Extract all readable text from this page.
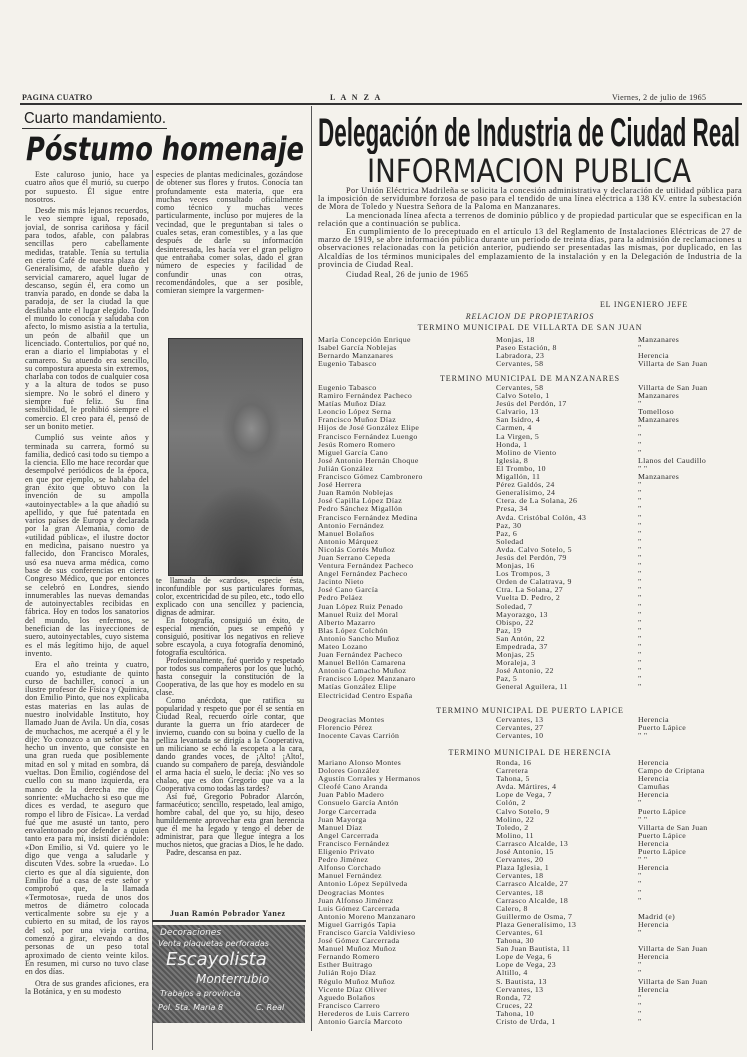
PAGINA CUATRO	L A N Z A	Viernes, 2 de julio de 1965
Cuarto mandamiento.
Póstumo homenaje

Este caluroso junio, hace ya cuatro años que él murió, su cuerpo por supuesto. Él sigue entre nosotros.

Desde mis más lejanos recuerdos, le veo siempre igual, reposado, jovial, de sonrisa cariñosa y fácil para todos, afable, con palabras sencillas pero cabellamente medidas, tratable. Tenía su tertulia en cierto Café de nuestra plaza del Generalísimo, de afable dueño y servicial camarero, aquel lugar de descanso, según él, era como un tranvía parado, en donde se daba la paradoja, de ser la ciudad la que desfilaba ante el lugar elegido. Todo el mundo lo conocía y saludaba con afecto, lo mismo asistía a la tertulia, un peón de albañil que un licenciado. Contertulios, por qué no, eran a diario el limpiabotas y el camarero. Su atuendo era sencillo, su compostura apuesta sin extremos, charlaba con todos de cualquier cosa y a la altura de todos se puso siempre. No le sobró el dinero y siempre fué feliz. Su fina sensibilidad, le prohibió siempre el comercio. El creo para él, pensó de ser un bonito metier.

Cumplió sus veinte años y terminada su carrera, formó su familia, dedicó casi todo su tiempo a la ciencia. Ello me hace recordar que desempolvé periódicos de la época, en que por ejemplo, se hablaba del gran éxito que obtuvo con la invención de su ampolla «autoinyectable» a la que añadió su apellido, y que fué patentada en varios países de Europa y declarada por la gran Alemania, como de «utilidad pública», el ilustre doctor en medicina, paisano nuestro ya fallecido, don Francisco Morales, usó esa nueva arma médica, como base de sus conferencias en cierto Congreso Médico, que por entonces se celebró en Londres, siendo innumerables las nuevas demandas de autoinyectables recibidas en fábrica. Hoy en todos los sanatorios del mundo, los enfermos, se benefician de las inyecciones de suero, autoinyectables, cuyo sistema es el más legítimo hijo, de aquel invento.

Era el año treinta y cuatro, cuando yo, estudiante de quinto curso de bachiller, conocí a un ilustre profesor de Física y Química, don Emilio Pinto, que nos explicaba estas materias en las aulas de nuestro inolvidable Instituto, hoy llamado Juan de Avila. Un día, cosas de muchachos, me acerqué a él y le dije: Yo conozco a un señor que ha hecho un invento, que consiste en una gran rueda que posiblemente mitad en sol y mitad en sombra, dá vueltas. Don Emilio, cogiéndose del cuello con su mano izquierda, era manco de la derecha me dijo sonriente: «Muchacho si eso que me dices es verdad, te aseguro que rompo el libro de Física». La verdad fué que me asusté un tanto, pero envalentonado por defender a quien tanto era para mí, insistí diciéndole: «Don Emilio, si Vd. quiere yo le digo que venga a saludarle y discuten Vdes. sobre la «rueda». Lo cierto es que al día siguiente, don Emilio fué a casa de este señor y comprobó que, la llamada «Termotosa», rueda de unos dos metros de diámetro colocada verticalmente sobre su eje y a cubierto en su mitad, de los rayos del sol, por una vieja cortina, comenzó a girar, elevando a dos personas de un peso total aproximado de ciento veinte kilos. En resumen, mi curso no tuvo clase en dos días.

Otra de sus grandes aficiones, era la Botánica, y en su modesto

especies de plantas medicinales, gozándose de obtener sus flores y frutos. Conocía tan profundamente esta materia, que era muchas veces consultado oficialmente como técnico y muchas veces particularmente, incluso por mujeres de la vecindad, que le preguntaban si tales o cuales setas, eran comestibles, y a las que después de darle su información desinteresada, les hacía ver el gran peligro que entrañaba comer solas, dado el gran número de especies y facilidad de confundir unas con otras, recomendándoles, que a ser posible, comieran siempre la vargermen-

te llamada de «cardos», especie ésta, inconfundible por sus particulares formas, color, excentricidad de su píleo, etc., todo ello explicado con una sencillez y paciencia, dignas de admirar.

En fotografía, consiguió un éxito, de especial mención, pues se empeñó y consiguió, positivar los negativos en relieve sobre escayola, a cuya fotografía denominó, fotografía escultórica.

Profesionalmente, fué querido y respetado por todos sus compañeros por los que luchó, hasta conseguir la constitución de la Cooperativa, de las que hoy es modelo en su clase.

Como anécdota, que ratifica su popularidad y respeto que por él se sentía en Ciudad Real, recuerdo oírle contar, que durante la guerra un frío atardecer de invierno, cuando con su boina y cuello de la pelliza levantada se dirigía a la Cooperativa, un miliciano se echó la escopeta a la cara, dando grandes voces, de ¡Alto! ¡Alto!, cuando su compañero de pareja, desviándole el arma hacia el suelo, le decía: ¡No ves so chalao, que es don Gregorio que va a la Cooperativa como todas las tardes?

Así fué, Gregorio Pobrador Alarcón, farmacéutico; sencillo, respetado, leal amigo, hombre cabal, del que yo, su hijo, deseo humildemente aprovechar esta gran herencia que él me ha legado y tengo el deber de administrar, para que llegue íntegra a los muchos nietos, que gracias a Dios, le he dado.

Padre, descansa en paz.

Juan Ramón Pobrador Yanez
Decoraciones
Venta plaquetas perforadas
Escayolista
Monterrubio
Trabajos a provincia
Pol. Sta. María 8	C. Real
Delegación de Industria de Ciudad Real
INFORMACION PUBLICA

Por Unión Eléctrica Madrileña se solicita la concesión administrativa y declaración de utilidad pública para la imposición de servidumbre forzosa de paso para el tendido de una línea eléctrica a 138 KV. entre la subestación de Mora de Toledo y Nuestra Señora de la Paloma en Manzanares.

La mencionada línea afecta a terrenos de dominio público y de propiedad particular que se especifican en la relación que a continuación se publica.

En cumplimiento de lo preceptuado en el artículo 13 del Reglamento de Instalaciones Eléctricas de 27 de marzo de 1919, se abre información pública durante un período de treinta días, para la admisión de reclamaciones u observaciones relacionadas con la petición anterior, pudiendo ser presentadas las mismas, por duplicado, en las Alcaldías de los términos municipales del emplazamiento de la instalación y en la Delegación de Industria de la provincia de Ciudad Real.

Ciudad Real, 26 de junio de 1965

EL INGENIERO JEFE
RELACION DE PROPIETARIOS
TERMINO MUNICIPAL DE VILLARTA DE SAN JUAN
María Concepción Enrique	Monjas, 18	Manzanares
Isabel García Noblejas	Paseo Estación, 8	"
Bernardo Manzanares	Labradora, 23	Herencia
Eugenio Tabasco	Cervantes, 58	Villarta de San Juan
TERMINO MUNICIPAL DE MANZANARES
Eugenio Tabasco	Cervantes, 58	Villarta de San Juan
Ramiro Fernández Pacheco	Calvo Sotelo, 1	Manzanares
Matías Muñoz Díaz	Jesús del Perdón, 17	"
Leoncio López Serna	Calvario, 13	Tomelloso
Francisco Muñoz Díaz	San Isidro, 4	Manzanares
Hijos de José González Elipe	Carmen, 4	"
Francisco Fernández Luengo	La Virgen, 5	"
Jesús Romero Romero	Honda, 1	"
Miguel García Cano	Molino de Viento	"
José Antonio Hernán Choque	Iglesia, 8	Llanos del Caudillo
Julián González	El Trombo, 10	" "
Francisco Gómez Cambronero	Migallón, 11	Manzanares
José Herrera	Pérez Galdós, 24	"
Juan Ramón Noblejas	Generalísimo, 24	"
José Capilla López Díaz	Ctera. de La Solana, 26	"
Pedro Sánchez Migallón	Presa, 34	"
Francisco Fernández Medina	Avda. Cristóbal Colón, 43	"
Antonio Fernández	Paz, 30	"
Manuel Bolaños	Paz, 6	"
Antonio Márquez	Soledad	"
Nicolás Cortés Muñoz	Avda. Calvo Sotelo, 5	"
Juan Serrano Cepeda	Jesús del Perdón, 79	"
Ventura Fernández Pacheco	Monjas, 16	"
Angel Fernández Pacheco	Los Trompos, 3	"
Jacinto Nieto	Orden de Calatrava, 9	"
José Cano García	Ctra. La Solana, 27	"
Pedro Peláez	Vuelta D. Pedro, 2	"
Juan López Ruiz Penado	Soledad, 7	"
Manuel Ruiz del Moral	Mayorazgo, 13	"
Alberto Mazarro	Obispo, 22	"
Blas López Colchón	Paz, 19	"
Antonio Sancho Muñoz	San Antón, 22	"
Mateo Lozano	Empedrada, 37	"
Juan Fernández Pacheco	Monjas, 25	"
Manuel Bellón Camarena	Moraleja, 3	"
Antonio Camacho Muñoz	José Antonio, 22	"
Francisco López Manzanaro	Paz, 5	"
Matías González Elipe	General Aguilera, 11	"
Electricidad Centro España
TERMINO MUNICIPAL DE PUERTO LAPICE
Deogracias Montes	Cervantes, 13	Herencia
Florencio Pérez	Cervantes, 27	Puerto Lápice
Inocente Cavas Carrión	Cervantes, 10	" "
TERMINO MUNICIPAL DE HERENCIA
Mariano Alonso Montes	Ronda, 16	Herencia
Dolores González	Carretera	Campo de Criptana
Agustín Corrales y Hermanos	Tahona, 5	Herencia
Cleofé Cano Aranda	Avda. Mártires, 4	Camuñas
Juan Pablo Madero	Lope de Vega, 7	Herencia
Consuelo García Antón	Colón, 2	"
Jorge Carcerrada	Calvo Sotelo, 9	Puerto Lápice
Juan Mayorga	Molino, 22	" "
Manuel Díaz	Toledo, 2	Villarta de San Juan
Angel Carcerrada	Molino, 11	Puerto Lápice
Francisco Fernández	Carrasco Alcalde, 13	Herencia
Eligenio Privato	José Antonio, 15	Puerto Lápice
Pedro Jiménez	Cervantes, 20	" "
Alfonso Corchado	Plaza Iglesia, 1	Herencia
Manuel Fernández	Cervantes, 18	"
Antonio López Sepúlveda	Carrasco Alcalde, 27	"
Deogracias Montes	Cervantes, 18	"
Juan Alfonso Jiménez	Carrasco Alcalde, 18	"
Luis Gómez Carcerrada	Calero, 8
Antonio Moreno Manzanaro	Guillermo de Osma, 7	Madrid (e)
Miguel Garrigós Tapia	Plaza Generalísimo, 13	Herencia
Francisco García Valdivieso	Cervantes, 61	"
José Gómez Carcerrada	Tahona, 30
Manuel Muñoz Muñoz	San Juan Bautista, 11	Villarta de San Juan
Fernando Romero	Lope de Vega, 6	Herencia
Esther Buitrago	Lope de Vega, 23	"
Julián Rojo Díaz	Altillo, 4	"
Régulo Muñoz Muñoz	S. Bautista, 13	Villarta de San Juan
Vicente Díaz Oliver	Cervantes, 13	Herencia
Aguedo Bolaños	Ronda, 72	"
Francisco Carrero	Cruces, 22	"
Herederos de Luis Carrero	Tahona, 10	"
Antonio García Marcoto	Cristo de Urda, 1	"
